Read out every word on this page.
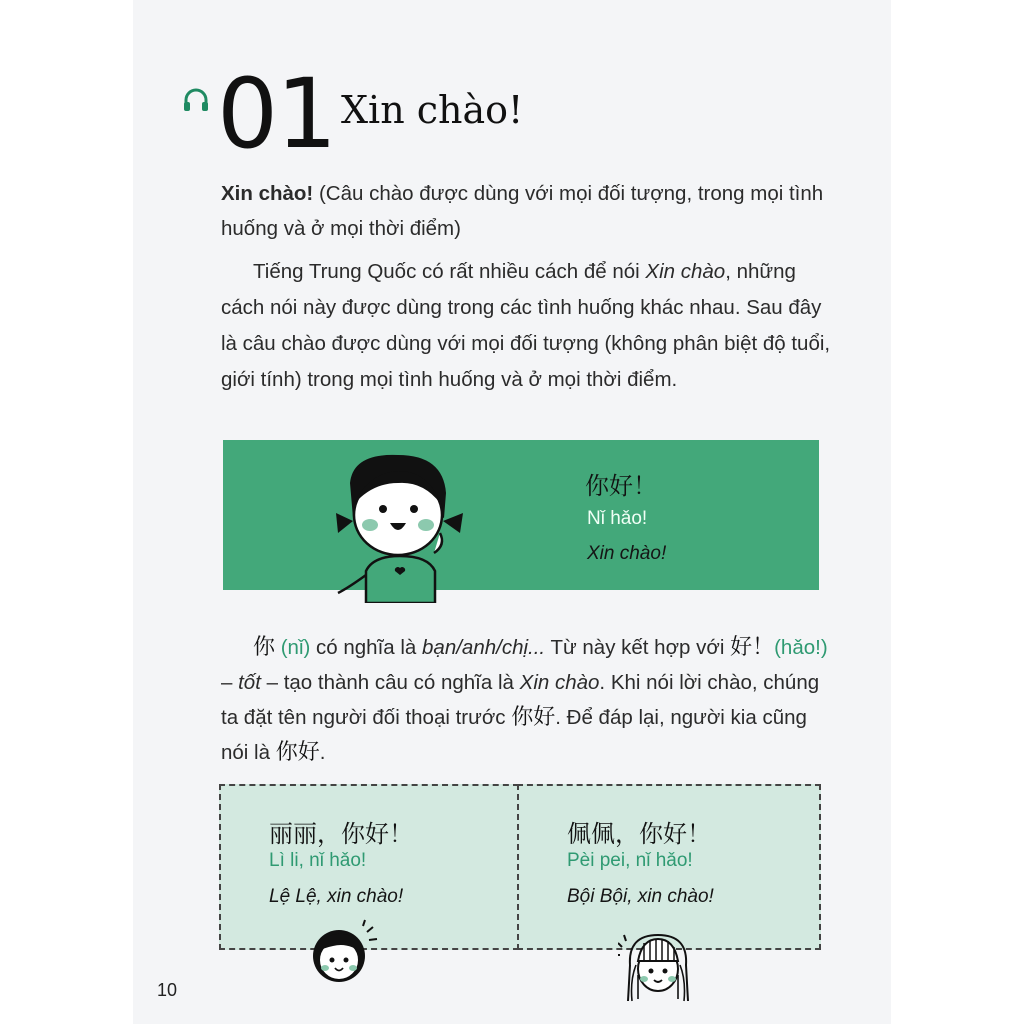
01 Xin chào!
Xin chào! (Câu chào được dùng với mọi đối tượng, trong mọi tình huống và ở mọi thời điểm)
Tiếng Trung Quốc có rất nhiều cách để nói Xin chào, những cách nói này được dùng trong các tình huống khác nhau. Sau đây là câu chào được dùng với mọi đối tượng (không phân biệt độ tuổi, giới tính) trong mọi tình huống và ở mọi thời điểm.
你好！
Nǐ hǎo!
Xin chào!
你 (nǐ) có nghĩa là bạn/anh/chị... Từ này kết hợp với 好！(hǎo!) – tốt – tạo thành câu có nghĩa là Xin chào. Khi nói lời chào, chúng ta đặt tên người đối thoại trước 你好. Để đáp lại, người kia cũng nói là 你好.
丽丽，你好！
Lì li, nǐ hǎo!
Lệ Lệ, xin chào!
佩佩，你好！
Pèi pei, nǐ hǎo!
Bội Bội, xin chào!
10
